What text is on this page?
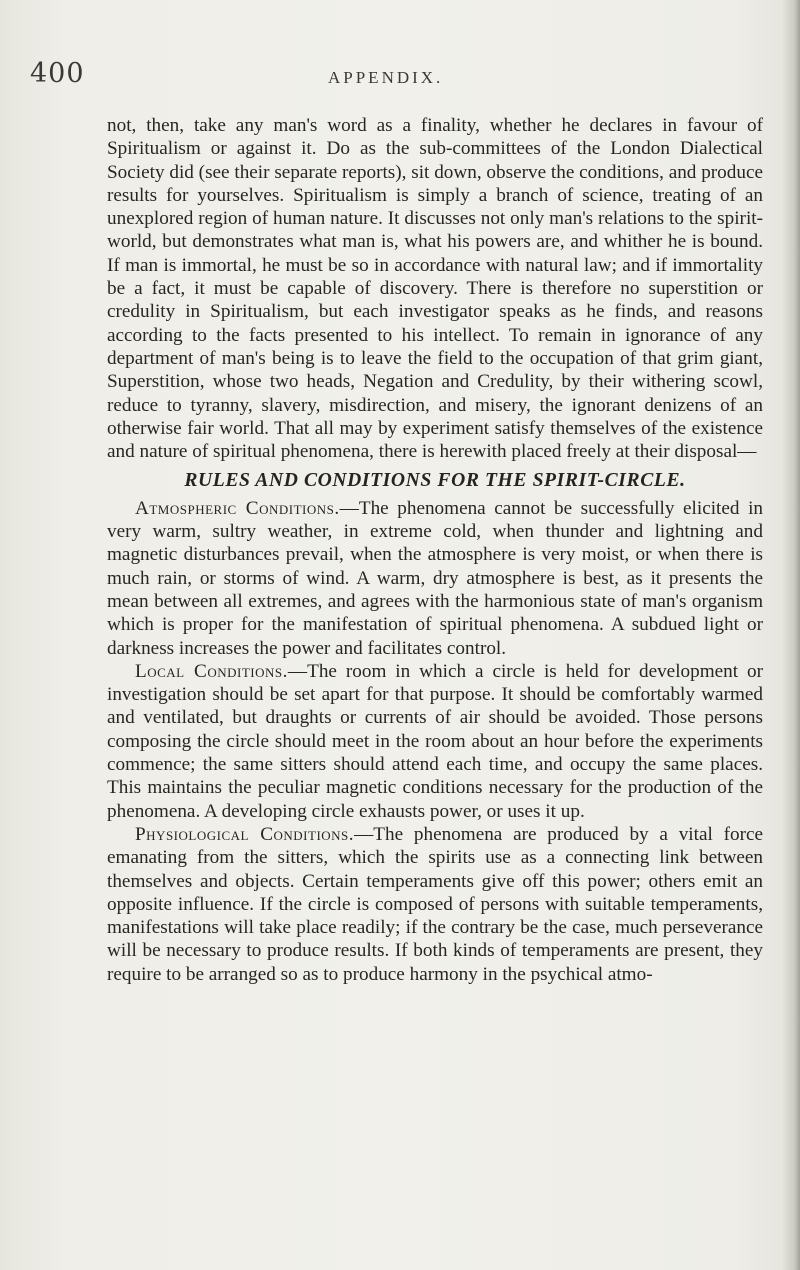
400	APPENDIX.

not, then, take any man's word as a finality, whether he declares in favour of Spiritualism or against it. Do as the sub-committees of the London Dialectical Society did (see their separate reports), sit down, observe the conditions, and produce results for yourselves. Spiritualism is simply a branch of science, treating of an unexplored region of human nature. It discusses not only man's relations to the spirit-world, but demonstrates what man is, what his powers are, and whither he is bound. If man is immortal, he must be so in accordance with natural law; and if immortality be a fact, it must be capable of discovery. There is therefore no superstition or credulity in Spiritualism, but each investigator speaks as he finds, and reasons according to the facts presented to his intellect. To remain in ignorance of any department of man's being is to leave the field to the occupation of that grim giant, Superstition, whose two heads, Negation and Credulity, by their withering scowl, reduce to tyranny, slavery, misdirection, and misery, the ignorant denizens of an otherwise fair world. That all may by experiment satisfy themselves of the existence and nature of spiritual phenomena, there is herewith placed freely at their disposal—

RULES AND CONDITIONS FOR THE SPIRIT-CIRCLE.

Atmospheric Conditions.—The phenomena cannot be successfully elicited in very warm, sultry weather, in extreme cold, when thunder and lightning and magnetic disturbances prevail, when the atmosphere is very moist, or when there is much rain, or storms of wind. A warm, dry atmosphere is best, as it presents the mean between all extremes, and agrees with the harmonious state of man's organism which is proper for the manifestation of spiritual phenomena. A subdued light or darkness increases the power and facilitates control.

Local Conditions.—The room in which a circle is held for development or investigation should be set apart for that purpose. It should be comfortably warmed and ventilated, but draughts or currents of air should be avoided. Those persons composing the circle should meet in the room about an hour before the experiments commence; the same sitters should attend each time, and occupy the same places. This maintains the peculiar magnetic conditions necessary for the production of the phenomena. A developing circle exhausts power, or uses it up.

Physiological Conditions.—The phenomena are produced by a vital force emanating from the sitters, which the spirits use as a connecting link between themselves and objects. Certain temperaments give off this power; others emit an opposite influence. If the circle is composed of persons with suitable temperaments, manifestations will take place readily; if the contrary be the case, much perseverance will be necessary to produce results. If both kinds of temperaments are present, they require to be arranged so as to produce harmony in the psychical atmo-
